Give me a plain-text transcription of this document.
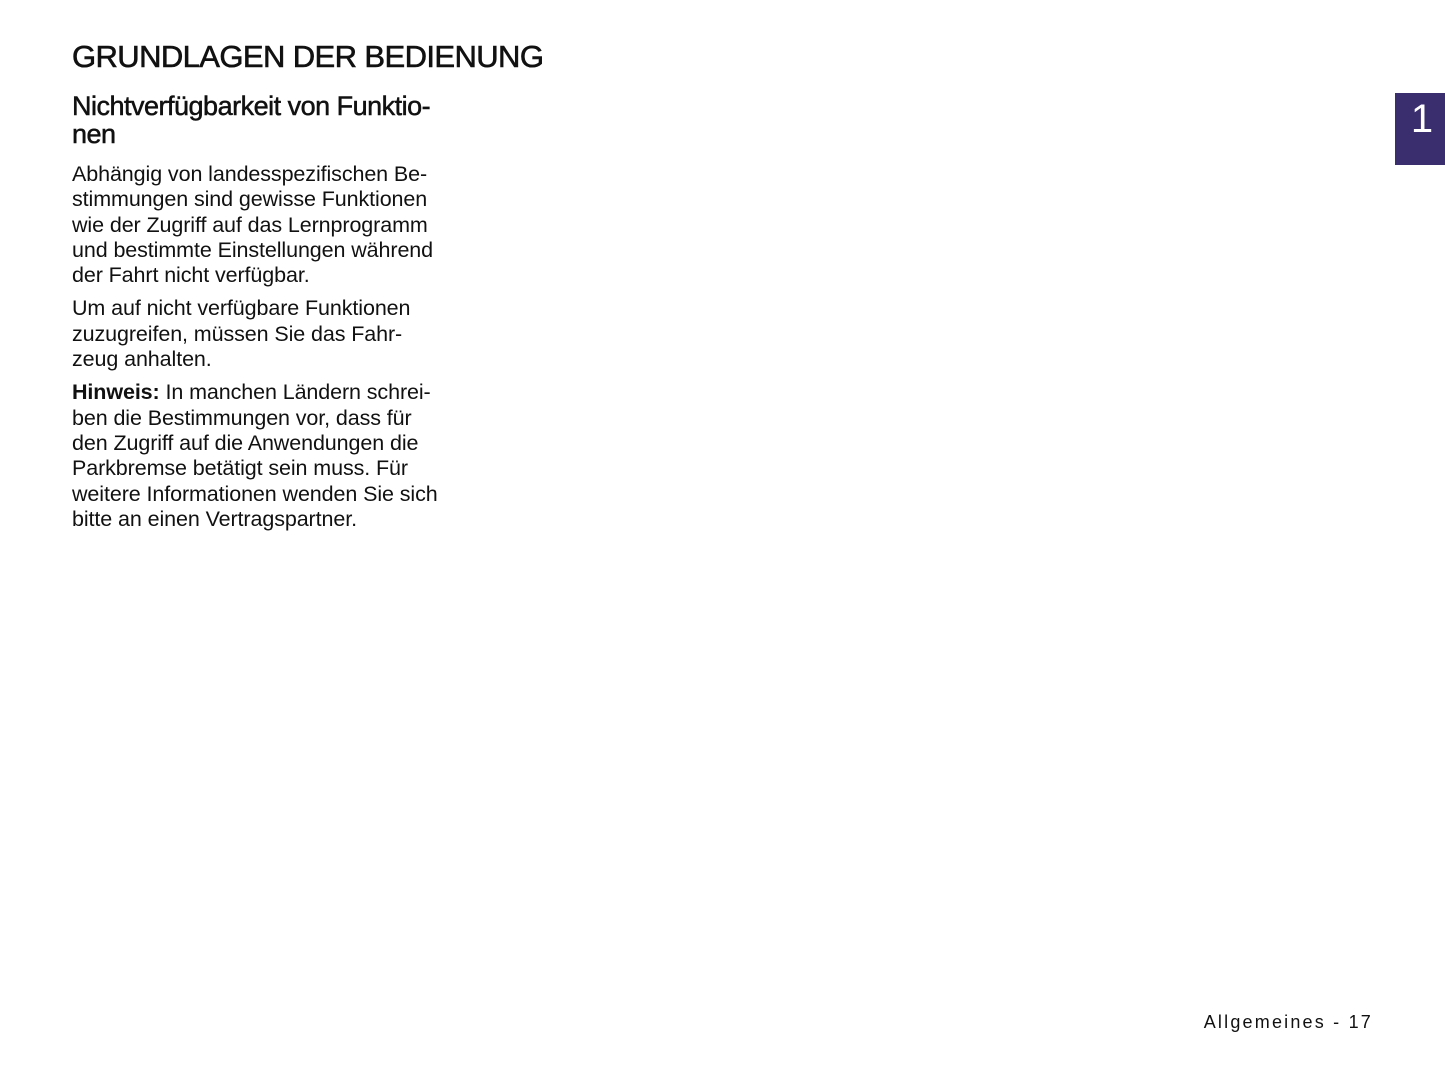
GRUNDLAGEN DER BEDIENUNG
1
Nichtverfügbarkeit von Funktio-
nen

Abhängig von landesspezifischen Be-
stimmungen sind gewisse Funktionen
wie der Zugriff auf das Lernprogramm
und bestimmte Einstellungen während
der Fahrt nicht verfügbar.

Um auf nicht verfügbare Funktionen
zuzugreifen, müssen Sie das Fahr-
zeug anhalten.

Hinweis: In manchen Ländern schrei-
ben die Bestimmungen vor, dass für
den Zugriff auf die Anwendungen die
Parkbremse betätigt sein muss. Für
weitere Informationen wenden Sie sich
bitte an einen Vertragspartner.

Allgemeines - 17
